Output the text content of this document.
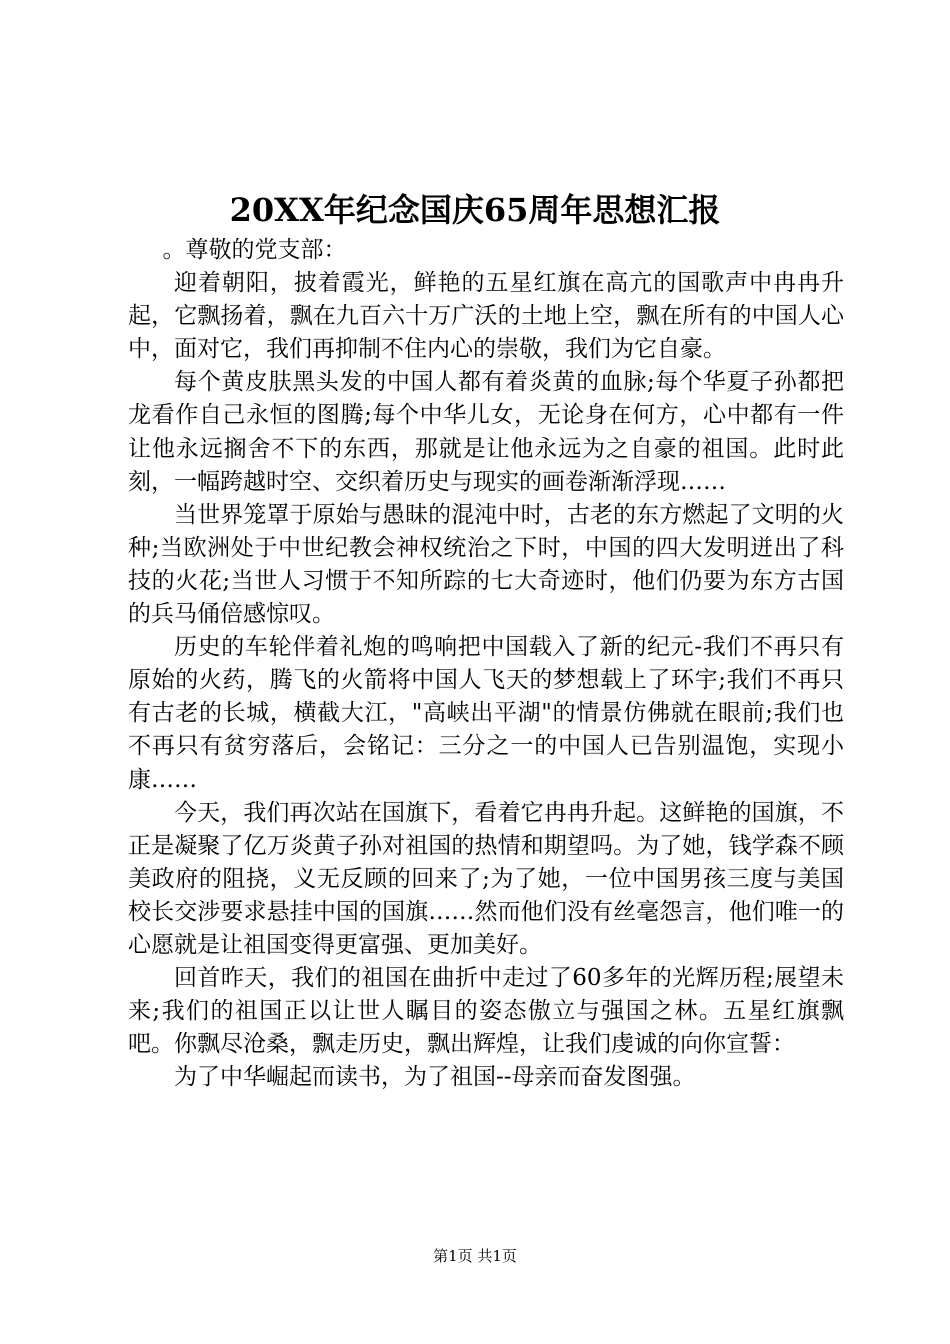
20XX年纪念国庆65周年思想汇报

。尊敬的党支部：

迎着朝阳，披着霞光，鲜艳的五星红旗在高亢的国歌声中冉冉升起，它飘扬着，飘在九百六十万广沃的土地上空，飘在所有的中国人心中，面对它，我们再抑制不住内心的崇敬，我们为它自豪。

每个黄皮肤黑头发的中国人都有着炎黄的血脉;每个华夏子孙都把龙看作自己永恒的图腾;每个中华儿女，无论身在何方，心中都有一件让他永远搁舍不下的东西，那就是让他永远为之自豪的祖国。此时此刻，一幅跨越时空、交织着历史与现实的画卷渐渐浮现……

当世界笼罩于原始与愚昧的混沌中时，古老的东方燃起了文明的火种;当欧洲处于中世纪教会神权统治之下时，中国的四大发明迸出了科技的火花;当世人习惯于不知所踪的七大奇迹时，他们仍要为东方古国的兵马俑倍感惊叹。

历史的车轮伴着礼炮的鸣响把中国载入了新的纪元-我们不再只有原始的火药，腾飞的火箭将中国人飞天的梦想载上了环宇;我们不再只有古老的长城，横截大江，"高峡出平湖"的情景仿佛就在眼前;我们也不再只有贫穷落后，会铭记：三分之一的中国人已告别温饱，实现小康……

今天，我们再次站在国旗下，看着它冉冉升起。这鲜艳的国旗，不正是凝聚了亿万炎黄子孙对祖国的热情和期望吗。为了她，钱学森不顾美政府的阻挠，义无反顾的回来了;为了她，一位中国男孩三度与美国校长交涉要求悬挂中国的国旗……然而他们没有丝毫怨言，他们唯一的心愿就是让祖国变得更富强、更加美好。

回首昨天，我们的祖国在曲折中走过了60多年的光辉历程;展望未来;我们的祖国正以让世人瞩目的姿态傲立与强国之林。五星红旗飘吧。你飘尽沧桑，飘走历史，飘出辉煌，让我们虔诚的向你宣誓：

为了中华崛起而读书，为了祖国--母亲而奋发图强。

第1页 共1页
